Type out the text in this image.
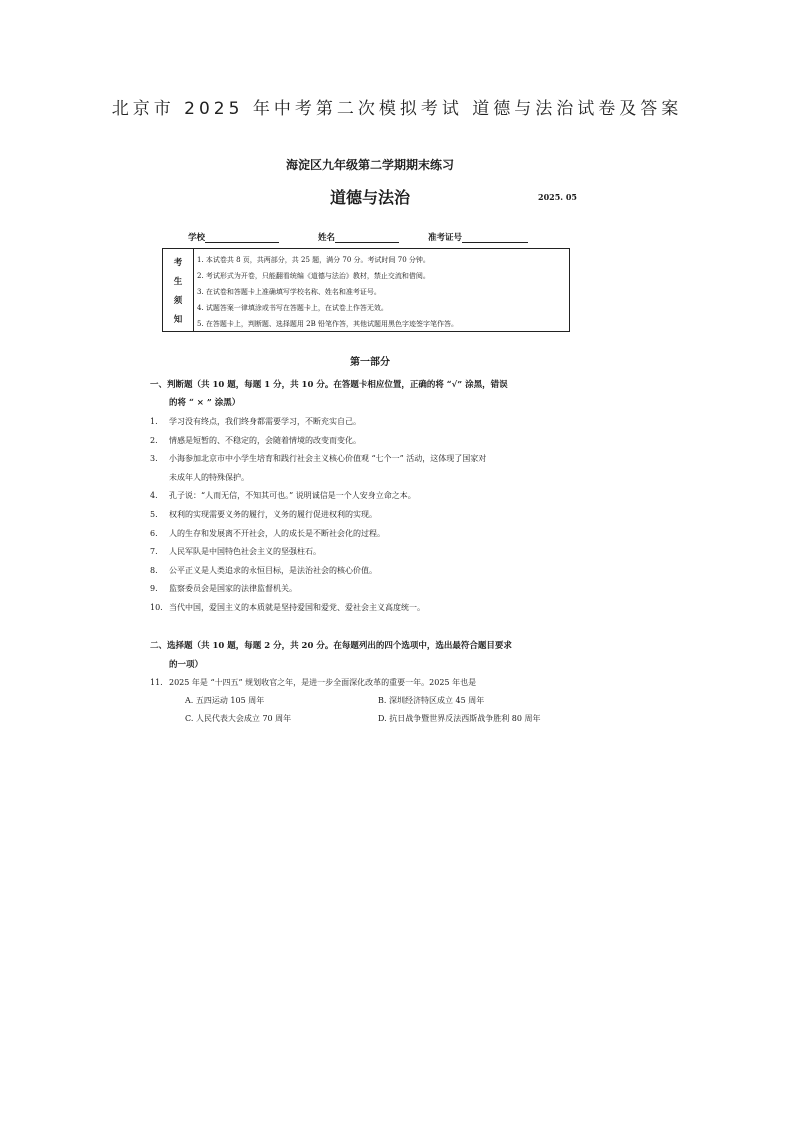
北京市 2025 年中考第二次模拟考试 道德与法治试卷及答案
海淀区九年级第二学期期末练习
道德与法治	2025. 05
学校	姓名	准考证号
考
生
须
知
1. 本试卷共 8 页，共两部分，共 25 题，满分 70 分。考试时间 70 分钟。
2. 考试形式为开卷，只能翻看统编《道德与法治》教材，禁止交流和借阅。
3. 在试卷和答题卡上准确填写学校名称、姓名和准考证号。
4. 试题答案一律填涂或书写在答题卡上，在试卷上作答无效。
5. 在答题卡上，判断题、选择题用 2B 铅笔作答，其他试题用黑色字迹签字笔作答。
第一部分
一、判断题（共 10 题，每题 1 分，共 10 分。在答题卡相应位置，正确的将 “√” 涂黑，错误
的将 “ × ” 涂黑）
1. 学习没有终点，我们终身都需要学习，不断充实自己。
2. 情感是短暂的、不稳定的，会随着情境的改变而变化。
3. 小海参加北京市中小学生培育和践行社会主义核心价值观 “七个一” 活动，这体现了国家对
未成年人的特殊保护。
4. 孔子说：“人而无信，不知其可也。” 说明诚信是一个人安身立命之本。
5. 权利的实现需要义务的履行，义务的履行促进权利的实现。
6. 人的生存和发展离不开社会，人的成长是不断社会化的过程。
7. 人民军队是中国特色社会主义的坚强柱石。
8. 公平正义是人类追求的永恒目标，是法治社会的核心价值。
9. 监察委员会是国家的法律监督机关。
10. 当代中国，爱国主义的本质就是坚持爱国和爱党、爱社会主义高度统一。
二、选择题（共 10 题，每题 2 分，共 20 分。在每题列出的四个选项中，选出最符合题目要求
的一项）
11. 2025 年是 “十四五” 规划收官之年，是进一步全面深化改革的重要一年。2025 年也是
A. 五四运动 105 周年	B. 深圳经济特区成立 45 周年
C. 人民代表大会成立 70 周年	D. 抗日战争暨世界反法西斯战争胜利 80 周年
